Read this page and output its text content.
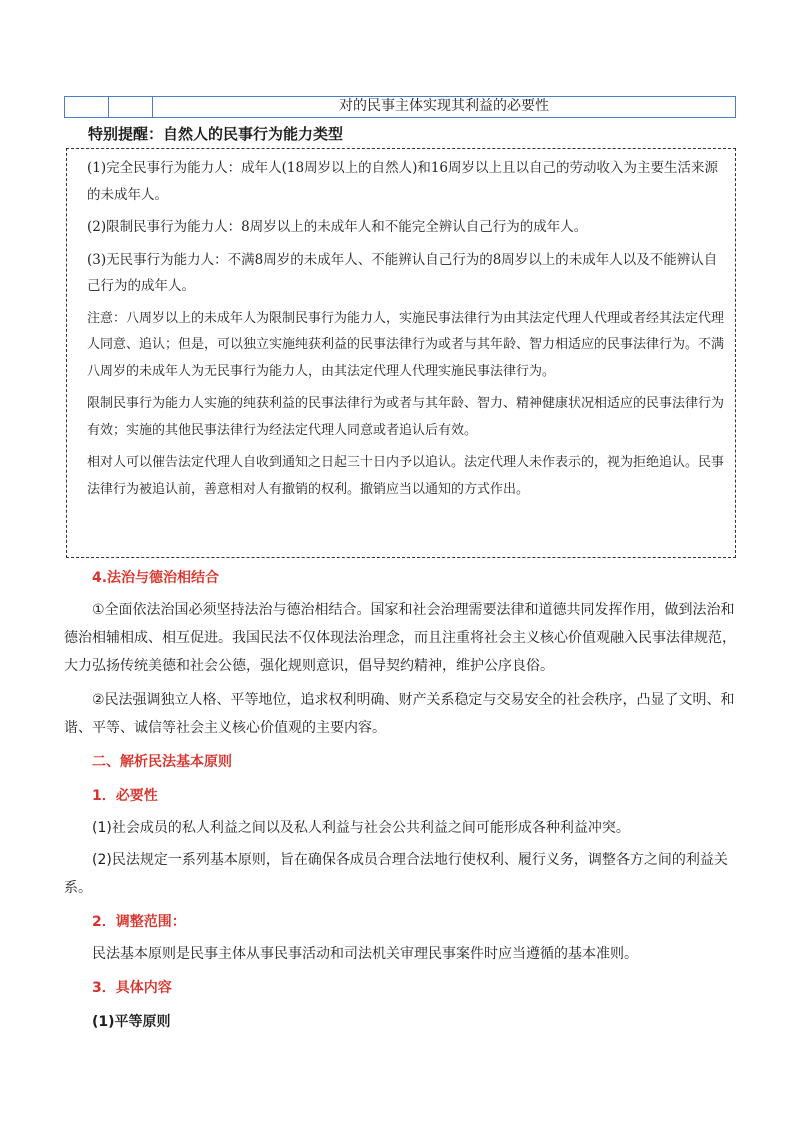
对的民事主体实现其利益的必要性
特别提醒：自然人的民事行为能力类型

(1)完全民事行为能力人：成年人(18周岁以上的自然人)和16周岁以上且以自己的劳动收入为主要生活来源的未成年人。

(2)限制民事行为能力人：8周岁以上的未成年人和不能完全辨认自己行为的成年人。

(3)无民事行为能力人：不满8周岁的未成年人、不能辨认自己行为的8周岁以上的未成年人以及不能辨认自己行为的成年人。

注意：八周岁以上的未成年人为限制民事行为能力人，实施民事法律行为由其法定代理人代理或者经其法定代理人同意、追认；但是，可以独立实施纯获利益的民事法律行为或者与其年龄、智力相适应的民事法律行为。不满八周岁的未成年人为无民事行为能力人，由其法定代理人代理实施民事法律行为。

限制民事行为能力人实施的纯获利益的民事法律行为或者与其年龄、智力、精神健康状况相适应的民事法律行为有效；实施的其他民事法律行为经法定代理人同意或者追认后有效。

相对人可以催告法定代理人自收到通知之日起三十日内予以追认。法定代理人未作表示的，视为拒绝追认。民事法律行为被追认前，善意相对人有撤销的权利。撤销应当以通知的方式作出。

4.法治与德治相结合

①全面依法治国必须坚持法治与德治相结合。国家和社会治理需要法律和道德共同发挥作用，做到法治和德治相辅相成、相互促进。我国民法不仅体现法治理念，而且注重将社会主义核心价值观融入民事法律规范，大力弘扬传统美德和社会公德，强化规则意识，倡导契约精神，维护公序良俗。

②民法强调独立人格、平等地位，追求权利明确、财产关系稳定与交易安全的社会秩序，凸显了文明、和谐、平等、诚信等社会主义核心价值观的主要内容。

二、解析民法基本原则

1．必要性

(1)社会成员的私人利益之间以及私人利益与社会公共利益之间可能形成各种利益冲突。

(2)民法规定一系列基本原则，旨在确保各成员合理合法地行使权利、履行义务，调整各方之间的利益关系。

2．调整范围：

民法基本原则是民事主体从事民事活动和司法机关审理民事案件时应当遵循的基本准则。

3．具体内容

(1)平等原则
